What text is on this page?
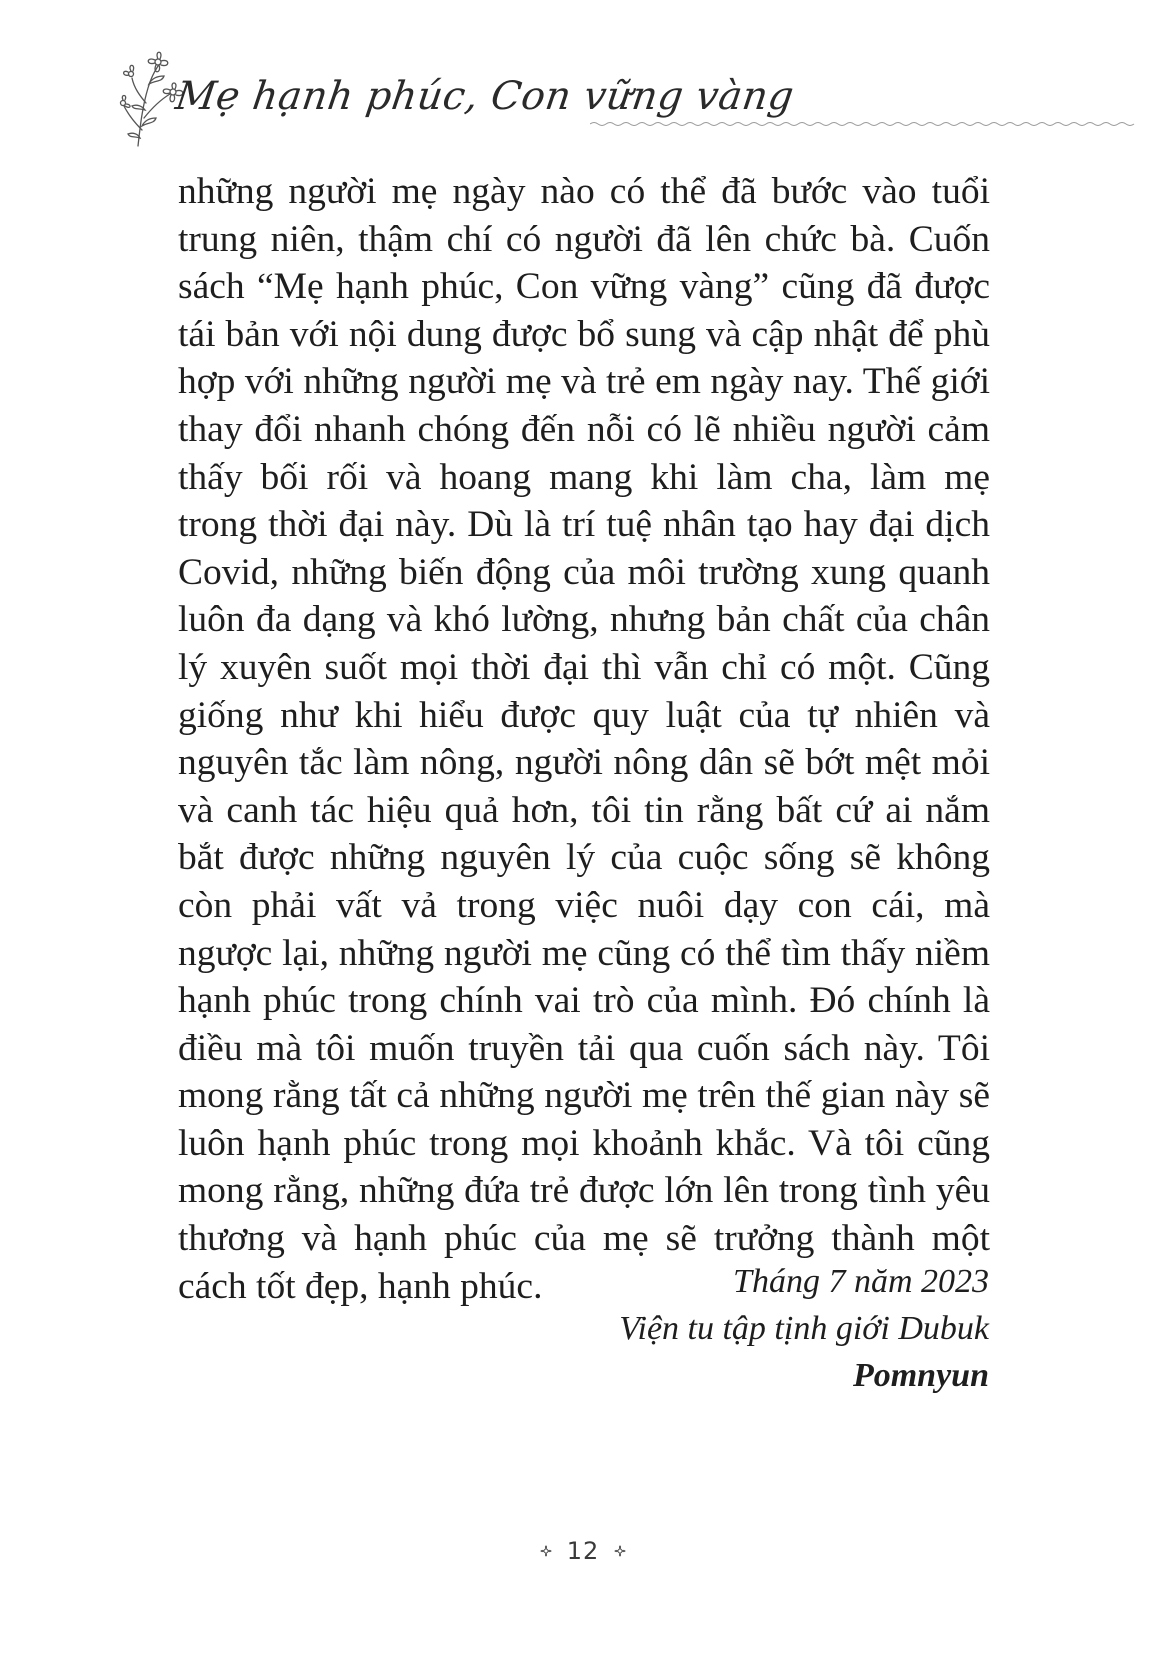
Mẹ hạnh phúc, Con vững vàng

những người mẹ ngày nào có thể đã bước vào tuổi trung niên, thậm chí có người đã lên chức bà. Cuốn sách “Mẹ hạnh phúc, Con vững vàng” cũng đã được tái bản với nội dung được bổ sung và cập nhật để phù hợp với những người mẹ và trẻ em ngày nay. Thế giới thay đổi nhanh chóng đến nỗi có lẽ nhiều người cảm thấy bối rối và hoang mang khi làm cha, làm mẹ trong thời đại này. Dù là trí tuệ nhân tạo hay đại dịch Covid, những biến động của môi trường xung quanh luôn đa dạng và khó lường, nhưng bản chất của chân lý xuyên suốt mọi thời đại thì vẫn chỉ có một. Cũng giống như khi hiểu được quy luật của tự nhiên và nguyên tắc làm nông, người nông dân sẽ bớt mệt mỏi và canh tác hiệu quả hơn, tôi tin rằng bất cứ ai nắm bắt được những nguyên lý của cuộc sống sẽ không còn phải vất vả trong việc nuôi dạy con cái, mà ngược lại, những người mẹ cũng có thể tìm thấy niềm hạnh phúc trong chính vai trò của mình. Đó chính là điều mà tôi muốn truyền tải qua cuốn sách này. Tôi mong rằng tất cả những người mẹ trên thế gian này sẽ luôn hạnh phúc trong mọi khoảnh khắc. Và tôi cũng mong rằng, những đứa trẻ được lớn lên trong tình yêu thương và hạnh phúc của mẹ sẽ trưởng thành một cách tốt đẹp, hạnh phúc.	Tháng 7 năm 2023
Viện tu tập tịnh giới Dubuk
Pomnyun
12
